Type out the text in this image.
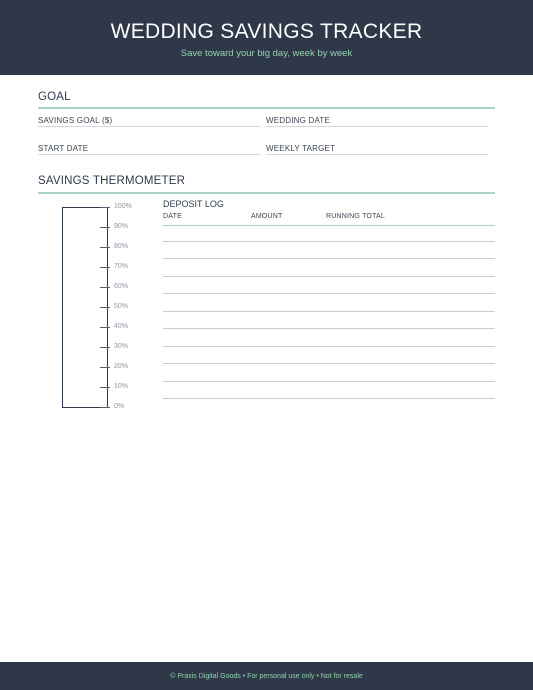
WEDDING SAVINGS TRACKER
Save toward your big day, week by week
GOAL
SAVINGS GOAL ($)	WEDDING DATE
START DATE	WEEKLY TARGET
SAVINGS THERMOMETER
100%
90%
80%
70%
60%
50%
40%
30%
20%
10%
0%
DEPOSIT LOG
DATE	AMOUNT	RUNNING TOTAL
© Praxis Digital Goods • For personal use only • Not for resale
